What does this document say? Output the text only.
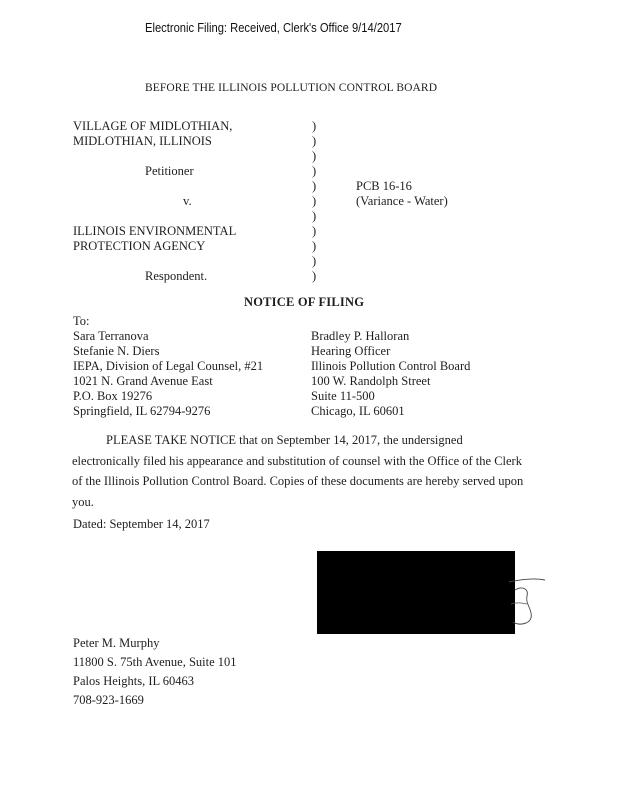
Electronic Filing: Received, Clerk's Office 9/14/2017
BEFORE THE ILLINOIS POLLUTION CONTROL BOARD
VILLAGE OF MIDLOTHIAN,
MIDLOTHIAN, ILLINOIS
Petitioner
v.
ILLINOIS ENVIRONMENTAL
PROTECTION AGENCY
Respondent.
)
)
)
)
)
)
)
)
)
)
)
PCB 16-16
(Variance - Water)
NOTICE OF FILING
To:
Sara Terranova
Stefanie N. Diers
IEPA, Division of Legal Counsel, #21
1021 N. Grand Avenue East
P.O. Box 19276
Springfield, IL 62794-9276
Bradley P. Halloran
Hearing Officer
Illinois Pollution Control Board
100 W. Randolph Street
Suite 11-500
Chicago, IL 60601
PLEASE TAKE NOTICE that on September 14, 2017, the undersigned electronically filed his appearance and substitution of counsel with the Office of the Clerk of the Illinois Pollution Control Board. Copies of these documents are hereby served upon you.
Dated: September 14, 2017
Peter M. Murphy
11800 S. 75th Avenue, Suite 101
Palos Heights, IL 60463
708-923-1669
